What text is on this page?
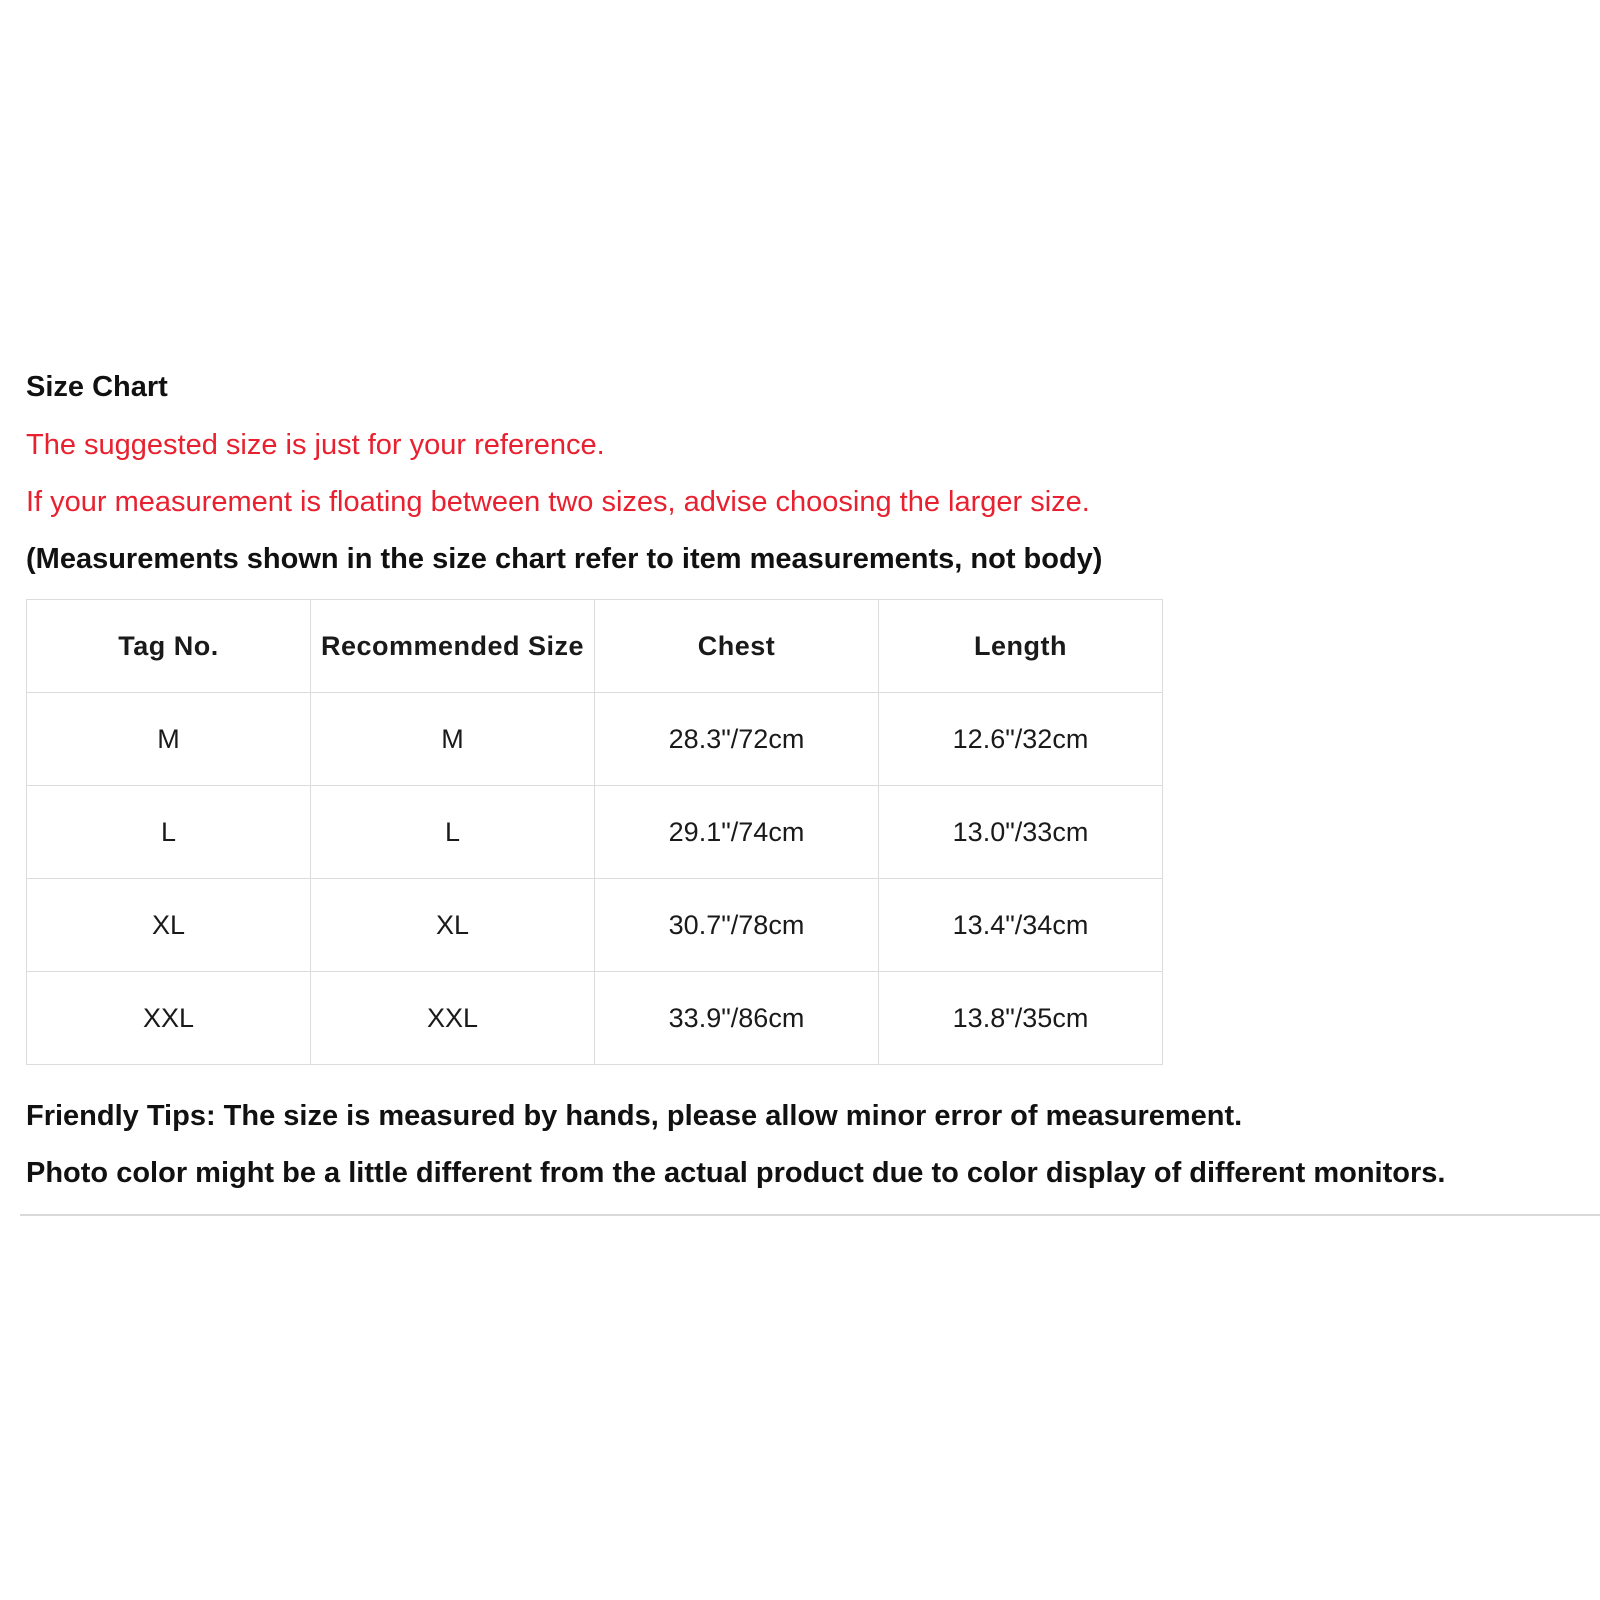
Size Chart

The suggested size is just for your reference.

If your measurement is floating between two sizes, advise choosing the larger size.

(Measurements shown in the size chart refer to item measurements, not body)

Tag No.	Recommended Size	Chest	Length
M	M	28.3"/72cm	12.6"/32cm
L	L	29.1"/74cm	13.0"/33cm
XL	XL	30.7"/78cm	13.4"/34cm
XXL	XXL	33.9"/86cm	13.8"/35cm

Friendly Tips: The size is measured by hands, please allow minor error of measurement.

Photo color might be a little different from the actual product due to color display of different monitors.
